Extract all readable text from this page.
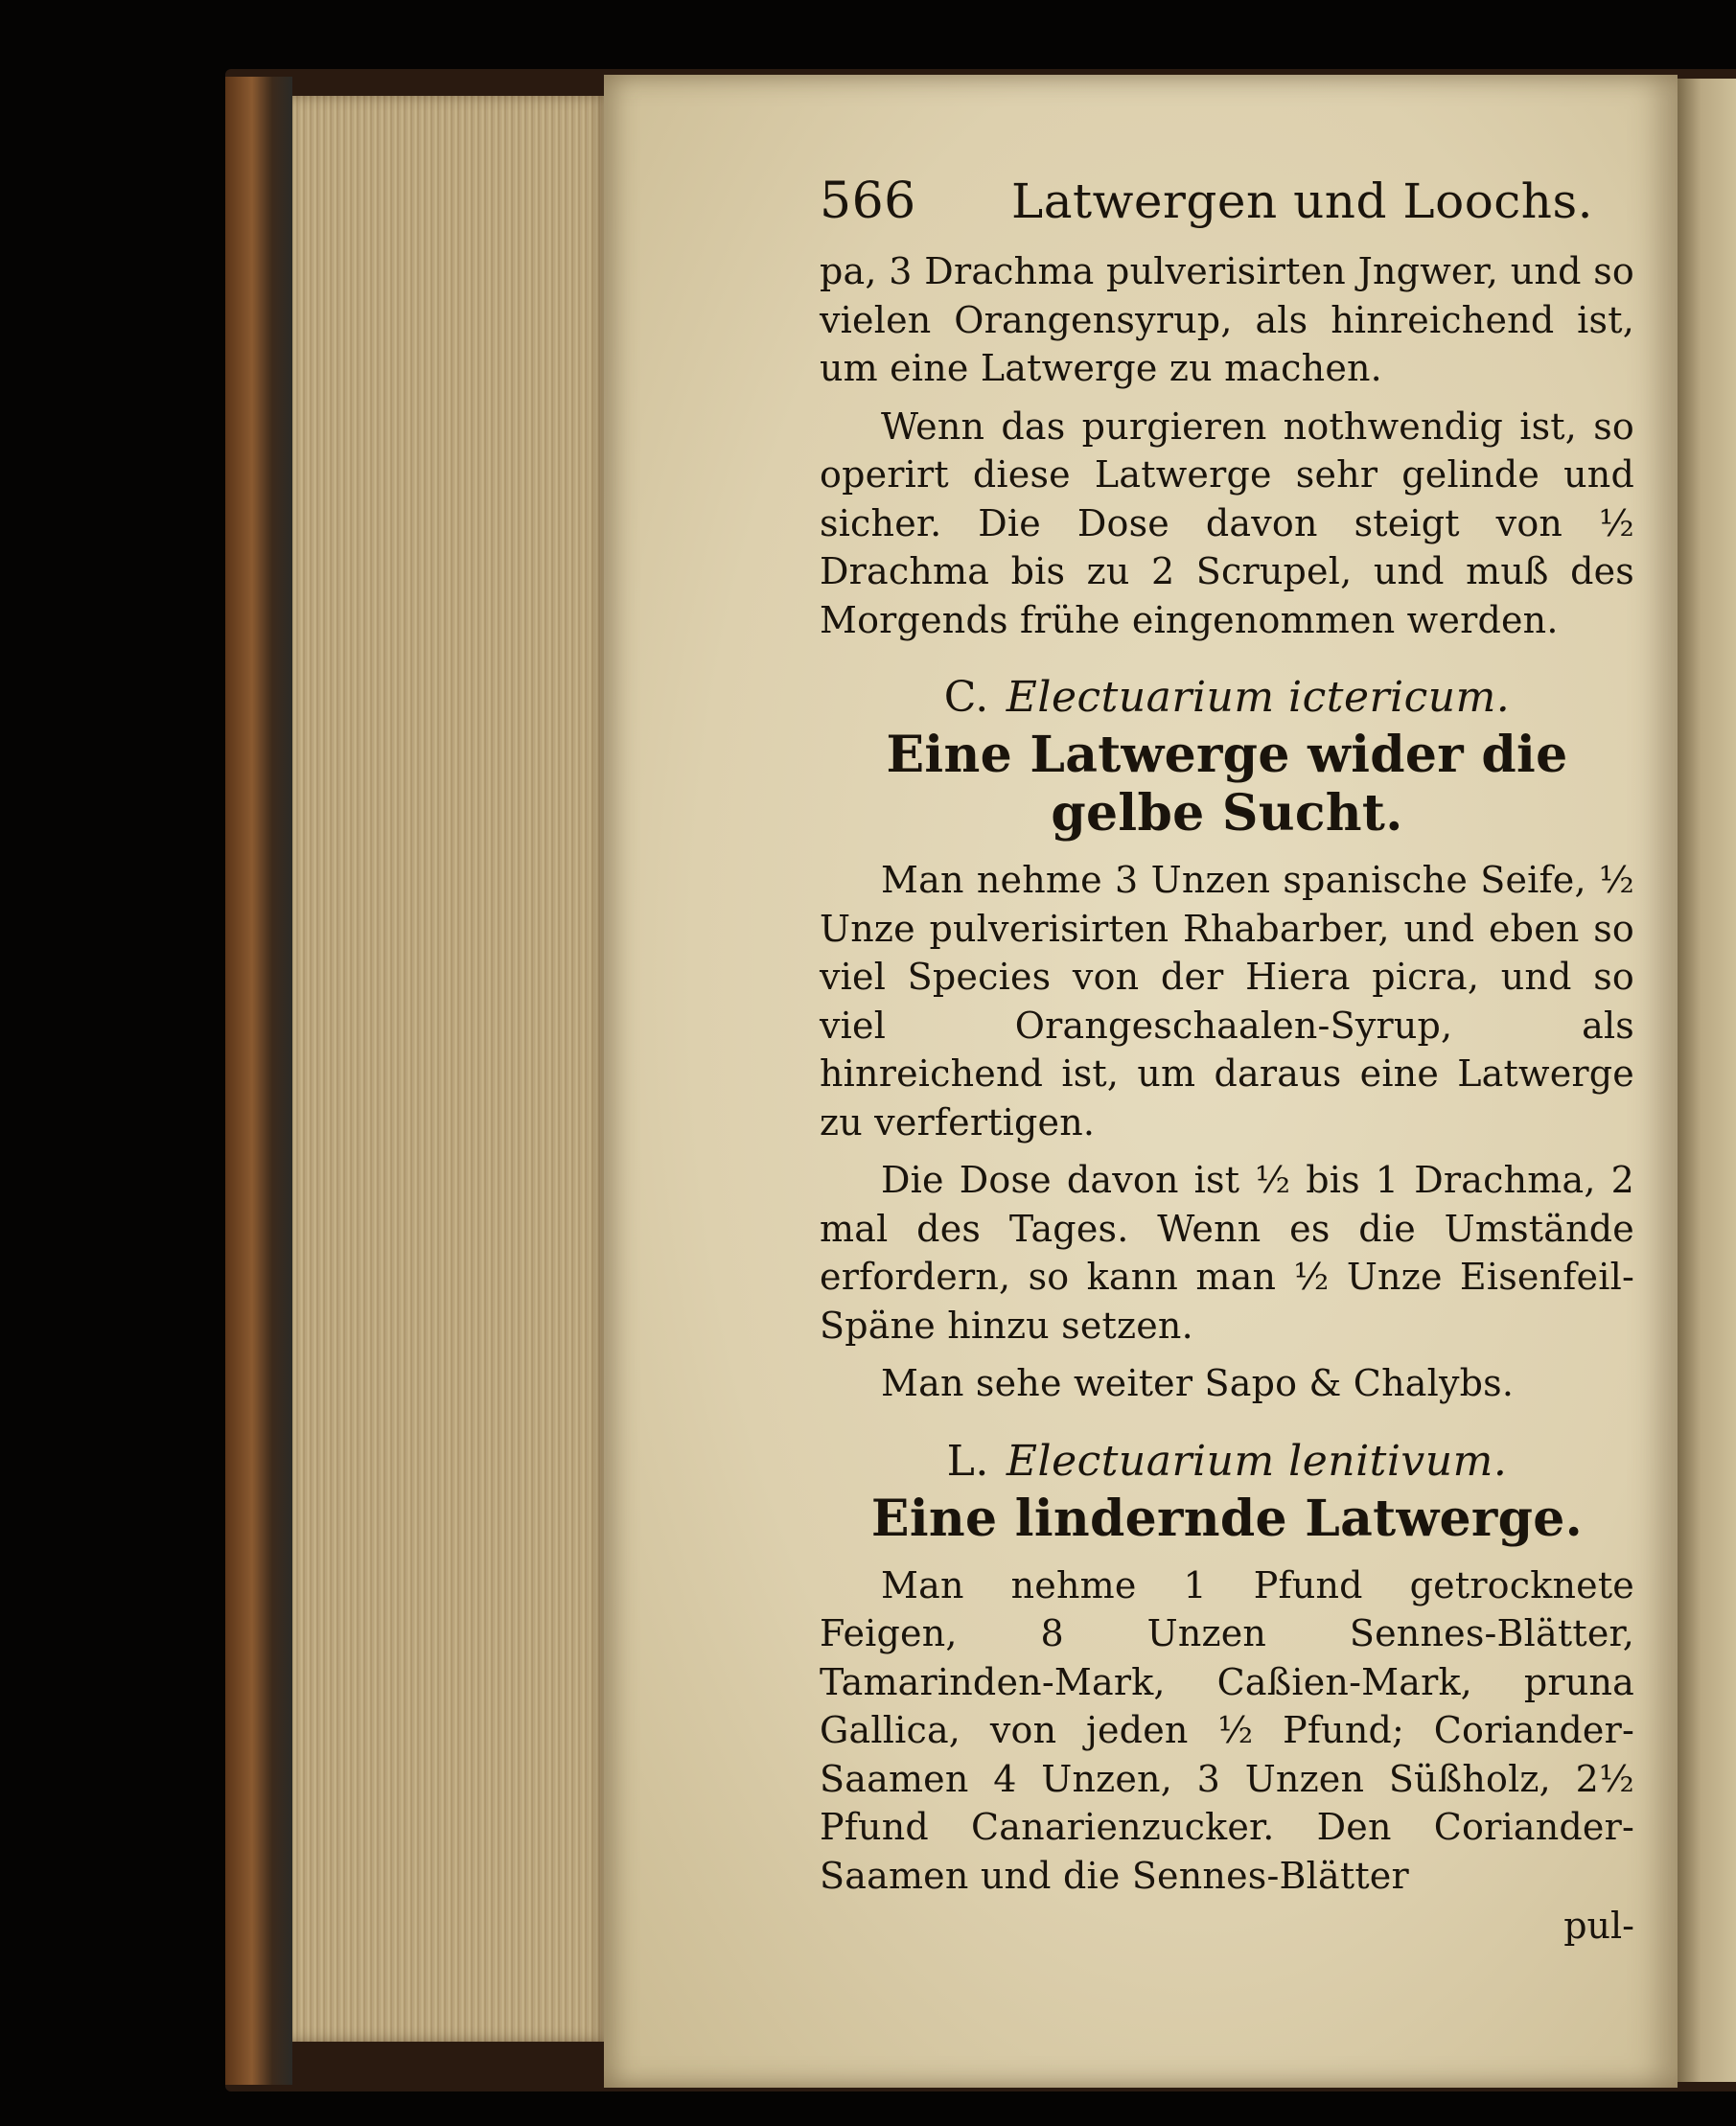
566	Latwergen und Loochs.

pa, 3 Drachma pulverisirten Jngwer, und so vielen Orangensyrup, als hinreichend ist, um eine Latwerge zu machen.

Wenn das purgieren nothwendig ist, so operirt diese Latwerge sehr gelinde und sicher. Die Dose davon steigt von ½ Drachma bis zu 2 Scrupel, und muß des Morgends frühe eingenommen werden.

C. Electuarium ictericum.
Eine Latwerge wider die gelbe Sucht.

Man nehme 3 Unzen spanische Seife, ½ Unze pulverisirten Rhabarber, und eben so viel Species von der Hiera picra, und so viel Orangeschaalen-Syrup, als hinreichend ist, um daraus eine Latwerge zu verfertigen.

Die Dose davon ist ½ bis 1 Drachma, 2 mal des Tages. Wenn es die Umstände erfordern, so kann man ½ Unze Eisenfeil-Späne hinzu setzen.

Man sehe weiter Sapo & Chalybs.

L. Electuarium lenitivum.
Eine lindernde Latwerge.

Man nehme 1 Pfund getrocknete Feigen, 8 Unzen Sennes-Blätter, Tamarinden-Mark, Caßien-Mark, pruna Gallica, von jeden ½ Pfund; Coriander-Saamen 4 Unzen, 3 Unzen Süßholz, 2½ Pfund Canarienzucker. Den Coriander-Saamen und die Sennes-Blätter

pul-
